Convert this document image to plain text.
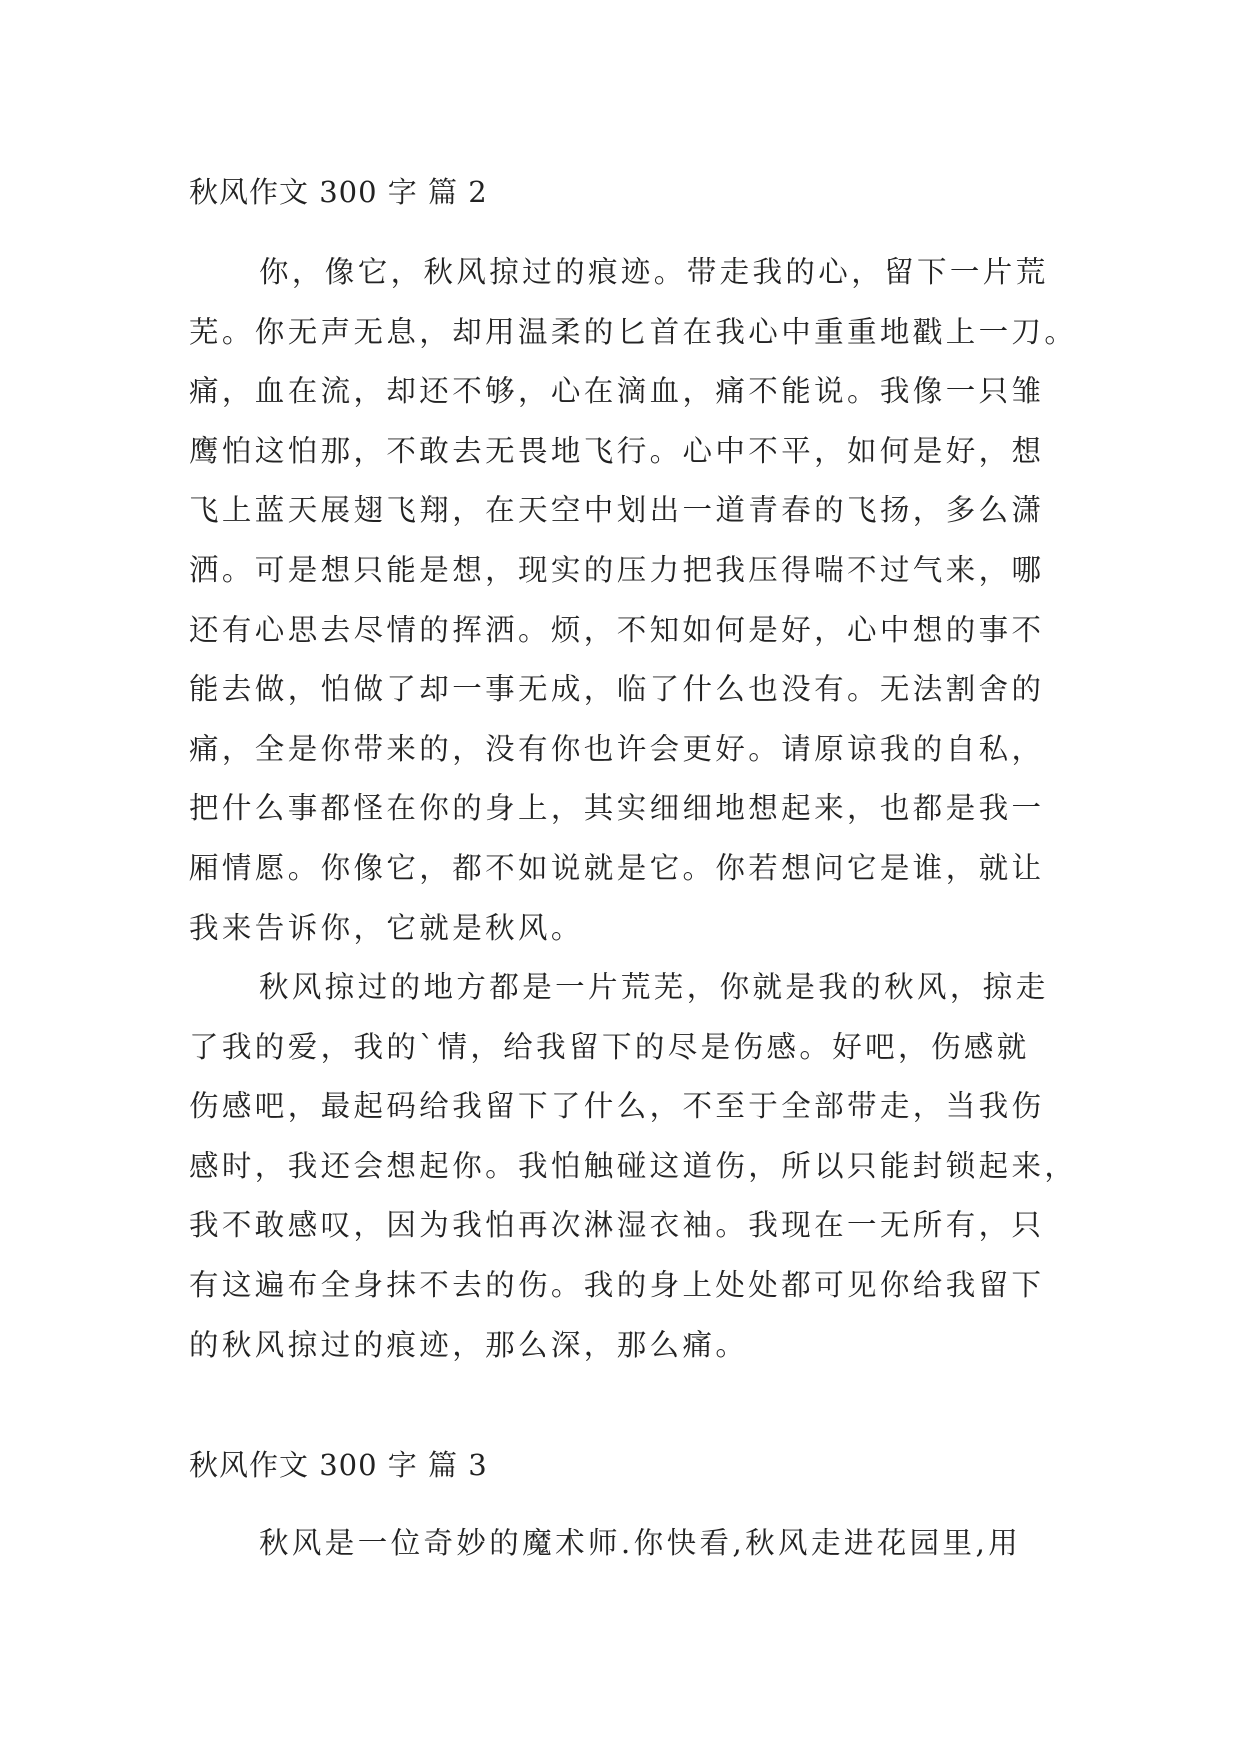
秋风作文 300 字 篇 2
你，像它，秋风掠过的痕迹。带走我的心，留下一片荒
芜。你无声无息，却用温柔的匕首在我心中重重地戳上一刀。
痛，血在流，却还不够，心在滴血，痛不能说。我像一只雏
鹰怕这怕那，不敢去无畏地飞行。心中不平，如何是好，想
飞上蓝天展翅飞翔，在天空中划出一道青春的飞扬，多么潇
洒。可是想只能是想，现实的压力把我压得喘不过气来，哪
还有心思去尽情的挥洒。烦，不知如何是好，心中想的事不
能去做，怕做了却一事无成，临了什么也没有。无法割舍的
痛，全是你带来的，没有你也许会更好。请原谅我的自私，
把什么事都怪在你的身上，其实细细地想起来，也都是我一
厢情愿。你像它，都不如说就是它。你若想问它是谁，就让
我来告诉你，它就是秋风。
秋风掠过的地方都是一片荒芜，你就是我的秋风，掠走
了我的爱，我的`情，给我留下的尽是伤感。好吧，伤感就
伤感吧，最起码给我留下了什么，不至于全部带走，当我伤
感时，我还会想起你。我怕触碰这道伤，所以只能封锁起来，
我不敢感叹，因为我怕再次淋湿衣袖。我现在一无所有，只
有这遍布全身抹不去的伤。我的身上处处都可见你给我留下
的秋风掠过的痕迹，那么深，那么痛。
秋风作文 300 字 篇 3
秋风是一位奇妙的魔术师.你快看,秋风走进花园里,用
